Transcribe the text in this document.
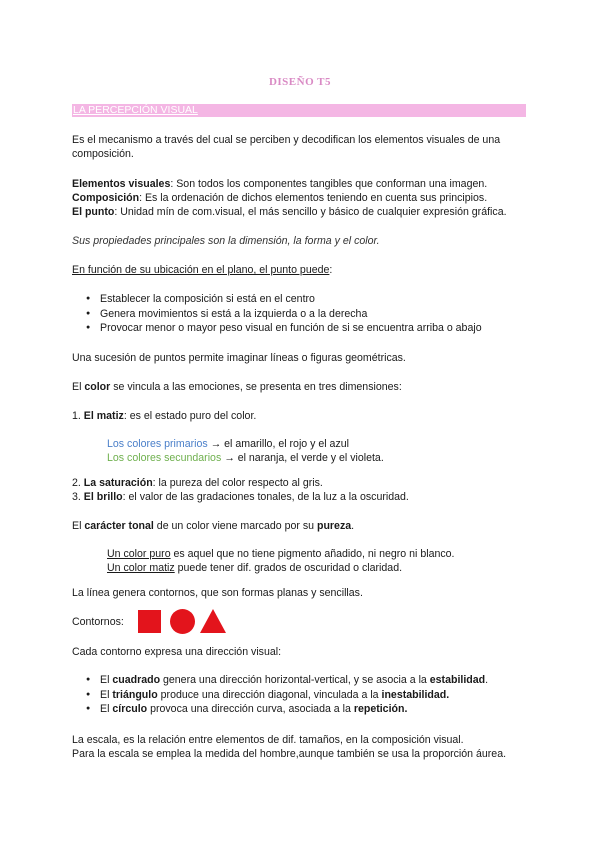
DISEÑO T5
LA PERCEPCIÓN VISUAL
Es el mecanismo a través del cual se perciben y decodifican los elementos visuales de una
composición.
Elementos visuales: Son todos los componentes tangibles que conforman una imagen.
Composición: Es la ordenación de dichos elementos teniendo en cuenta sus principios.
El punto: Unidad mín de com.visual, el más sencillo y básico de cualquier expresión gráfica.
Sus propiedades principales son la dimensión, la forma y el color.
En función de su ubicación en el plano, el punto puede:
● Establecer la composición si está en el centro
● Genera movimientos si está a la izquierda o a la derecha
● Provocar menor o mayor peso visual en función de si se encuentra arriba o abajo
Una sucesión de puntos permite imaginar líneas o figuras geométricas.
El color se vincula a las emociones, se presenta en tres dimensiones:
1. El matiz: es el estado puro del color.
Los colores primarios → el amarillo, el rojo y el azul
Los colores secundarios → el naranja, el verde y el violeta.
2. La saturación: la pureza del color respecto al gris.
3. El brillo: el valor de las gradaciones tonales, de la luz a la oscuridad.
El carácter tonal de un color viene marcado por su pureza.
Un color puro es aquel que no tiene pigmento añadido, ni negro ni blanco.
Un color matiz puede tener dif. grados de oscuridad o claridad.
La línea genera contornos, que son formas planas y sencillas.
Contornos:
Cada contorno expresa una dirección visual:
● El cuadrado genera una dirección horizontal-vertical, y se asocia a la estabilidad.
● El triángulo produce una dirección diagonal, vinculada a la inestabilidad.
● El círculo provoca una dirección curva, asociada a la repetición.
La escala, es la relación entre elementos de dif. tamaños, en la composición visual.
Para la escala se emplea la medida del hombre,aunque también se usa la proporción áurea.
